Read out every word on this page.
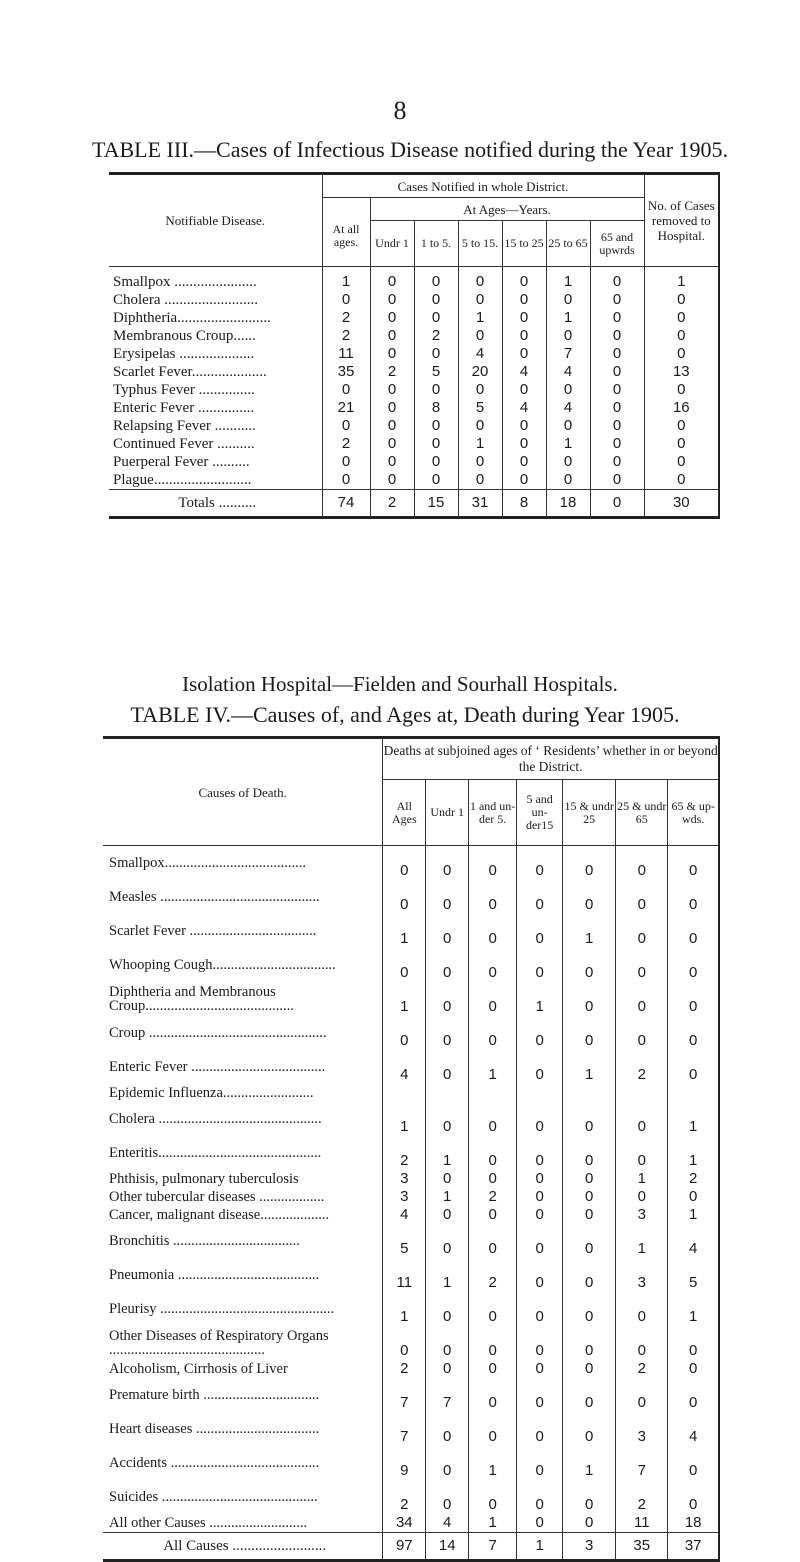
8
TABLE III.—Cases of Infectious Disease notified during the Year 1905.
Notifiable Disease.	Cases Notified in whole District.							No. of Cases removed to Hospital.
	At all ages.	At Ages—Years.						
		Undr 1	1 to 5.	5 to 15.	15 to 25	25 to 65	65 and upwrds	
Smallpox ......................	1	0	0	0	0	1	0	1
Cholera .........................	0	0	0	0	0	0	0	0
Diphtheria.........................	2	0	0	1	0	1	0	0
Membranous Croup......	2	0	2	0	0	0	0	0
Erysipelas ....................	11	0	0	4	0	7	0	0
Scarlet Fever....................	35	2	5	20	4	4	0	13
Typhus Fever ...............	0	0	0	0	0	0	0	0
Enteric Fever ...............	21	0	8	5	4	4	0	16
Relapsing Fever ...........	0	0	0	0	0	0	0	0
Continued Fever ..........	2	0	0	1	0	1	0	0
Puerperal Fever ..........	0	0	0	0	0	0	0	0
Plague..........................	0	0	0	0	0	0	0	0
Totals ..........	74	2	15	31	8	18	0	30
Isolation Hospital—Fielden and Sourhall Hospitals.
TABLE IV.—Causes of, and Ages at, Death during Year 1905.
Causes of Death.	Deaths at subjoined ages of ‘ Residents’ whether in or beyond the District.						
	All Ages	Undr 1	1 and un- der 5.	5 and un- der15	15 & undr 25	25 & undr 65	65 & up- wds.
Smallpox.......................................	0	0	0	0	0	0	0
Measles ............................................	0	0	0	0	0	0	0
Scarlet Fever ...................................	1	0	0	0	1	0	0
Whooping Cough..................................	0	0	0	0	0	0	0
Diphtheria and Membranous Croup.........................................	1	0	0	1	0	0	0
Croup .................................................	0	0	0	0	0	0	0
Enteric Fever .....................................	4	0	1	0	1	2	0
Epidemic Influenza.........................							
Cholera .............................................	1	0	0	0	0	0	1
Enteritis.............................................	2	1	0	0	0	0	1
Phthisis, pulmonary tuberculosis	3	0	0	0	0	1	2
Other tubercular diseases ..................	3	1	2	0	0	0	0
Cancer, malignant disease...................	4	0	0	0	0	3	1
Bronchitis ...................................	5	0	0	0	0	1	4
Pneumonia .......................................	11	1	2	0	0	3	5
Pleurisy ................................................	1	0	0	0	0	0	1
Other Diseases of Respiratory Organs ...........................................	0	0	0	0	0	0	0
Alcoholism, Cirrhosis of Liver	2	0	0	0	0	2	0
Premature birth ................................	7	7	0	0	0	0	0
Heart diseases ..................................	7	0	0	0	0	3	4
Accidents .........................................	9	0	1	0	1	7	0
Suicides ...........................................	2	0	0	0	0	2	0
All other Causes ...........................	34	4	1	0	0	11	18
All Causes .........................	97	14	7	1	3	35	37
